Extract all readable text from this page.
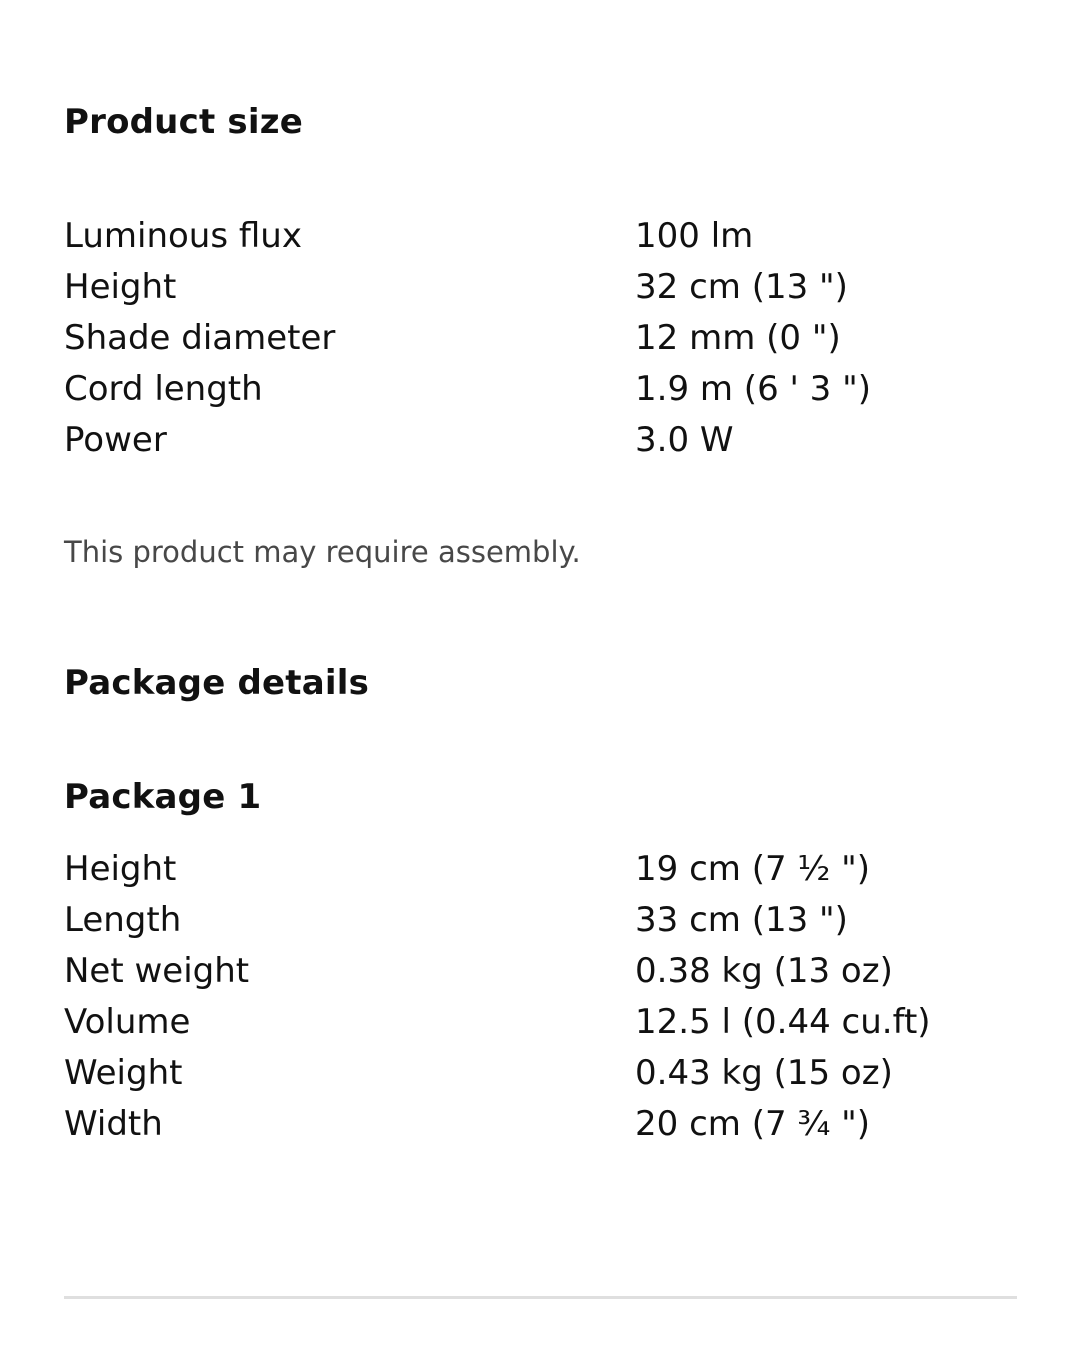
Product size
Luminous flux	100 lm
Height	32 cm (13 ")
Shade diameter	12 mm (0 ")
Cord length	1.9 m (6 ' 3 ")
Power	3.0 W

This product may require assembly.

Package details
Package 1
Height	19 cm (7 ½ ")
Length	33 cm (13 ")
Net weight	0.38 kg (13 oz)
Volume	12.5 l (0.44 cu.ft)
Weight	0.43 kg (15 oz)
Width	20 cm (7 ¾ ")
